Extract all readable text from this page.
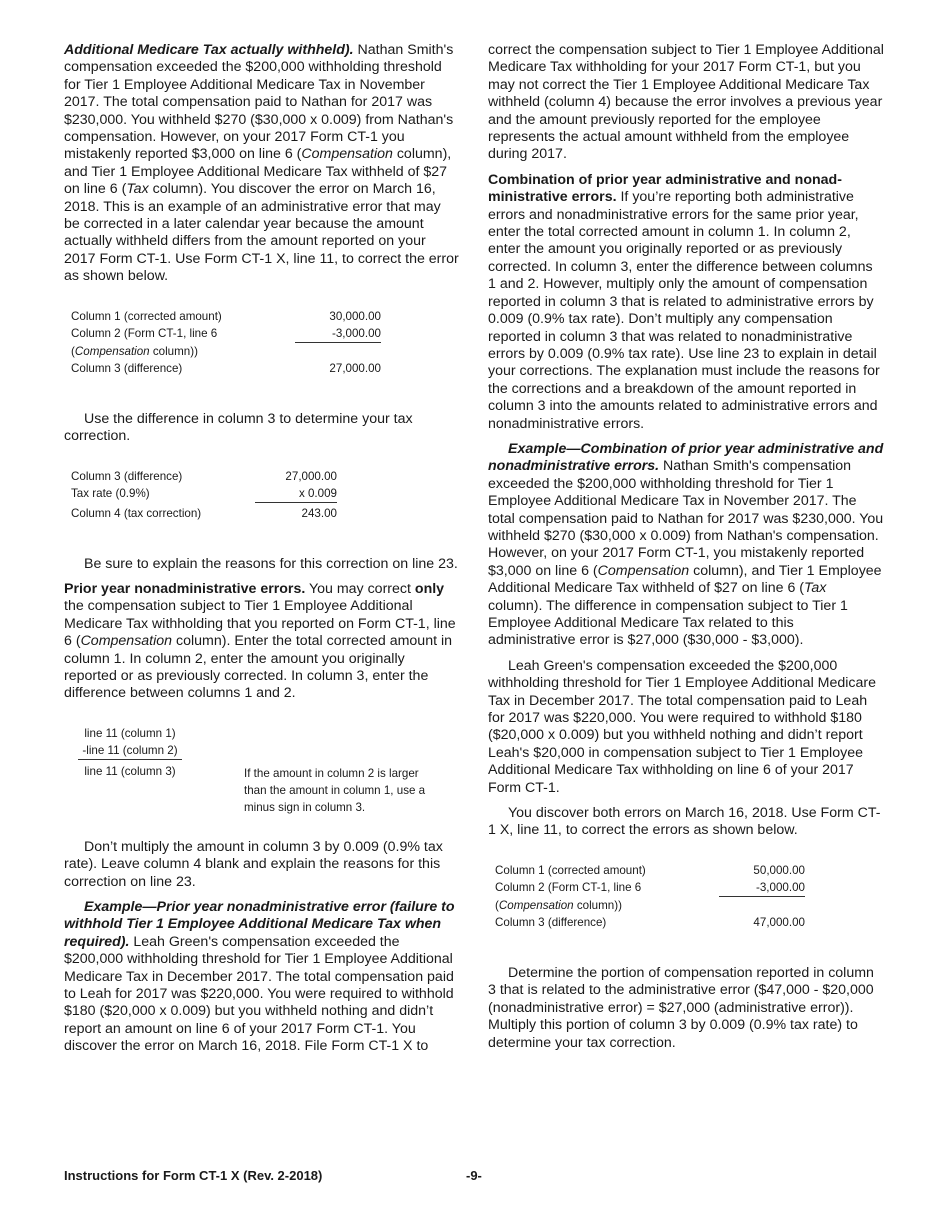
Additional Medicare Tax actually withheld). Nathan Smith's compensation exceeded the $200,000 withholding threshold for Tier 1 Employee Additional Medicare Tax in November 2017. The total compensation paid to Nathan for 2017 was $230,000. You withheld $270 ($30,000 x 0.009) from Nathan's compensation. However, on your 2017 Form CT-1 you mistakenly reported $3,000 on line 6 (Compensation column), and Tier 1 Employee Additional Medicare Tax withheld of $27 on line 6 (Tax column). You discover the error on March 16, 2018. This is an example of an administrative error that may be corrected in a later calendar year because the amount actually withheld differs from the amount reported on your 2017 Form CT-1. Use Form CT-1 X, line 11, to correct the error as shown below.

Column 1 (corrected amount)	30,000.00
Column 2 (Form CT-1, line 6	-3,000.00
(Compensation column))
Column 3 (difference)	27,000.00

Use the difference in column 3 to determine your tax correction.

Column 3 (difference)	27,000.00
Tax rate (0.9%)	x 0.009
Column 4 (tax correction)	243.00

Be sure to explain the reasons for this correction on line 23.

Prior year nonadministrative errors. You may correct only the compensation subject to Tier 1 Employee Additional Medicare Tax withholding that you reported on Form CT-1, line 6 (Compensation column). Enter the total corrected amount in column 1. In column 2, enter the amount you originally reported or as previously corrected. In column 3, enter the difference between columns 1 and 2.

line 11 (column 1)
-line 11 (column 2)
line 11 (column 3)	If the amount in column 2 is larger than the amount in column 1, use a minus sign in column 3.

Don’t multiply the amount in column 3 by 0.009 (0.9% tax rate). Leave column 4 blank and explain the reasons for this correction on line 23.

Example—Prior year nonadministrative error (failure to withhold Tier 1 Employee Additional Medicare Tax when required). Leah Green's compensation exceeded the $200,000 withholding threshold for Tier 1 Employee Additional Medicare Tax in December 2017. The total compensation paid to Leah for 2017 was $220,000. You were required to withhold $180 ($20,000 x 0.009) but you withheld nothing and didn’t report an amount on line 6 of your 2017 Form CT-1. You discover the error on March 16, 2018. File Form CT-1 X to

correct the compensation subject to Tier 1 Employee Additional Medicare Tax withholding for your 2017 Form CT-1, but you may not correct the Tier 1 Employee Additional Medicare Tax withheld (column 4) because the error involves a previous year and the amount previously reported for the employee represents the actual amount withheld from the employee during 2017.

Combination of prior year administrative and nonad-ministrative errors. If you’re reporting both administrative errors and nonadministrative errors for the same prior year, enter the total corrected amount in column 1. In column 2, enter the amount you originally reported or as previously corrected. In column 3, enter the difference between columns 1 and 2. However, multiply only the amount of compensation reported in column 3 that is related to administrative errors by 0.009 (0.9% tax rate). Don’t multiply any compensation reported in column 3 that was related to nonadministrative errors by 0.009 (0.9% tax rate). Use line 23 to explain in detail your corrections. The explanation must include the reasons for the corrections and a breakdown of the amount reported in column 3 into the amounts related to administrative errors and nonadministrative errors.

Example—Combination of prior year administrative and nonadministrative errors. Nathan Smith's compensation exceeded the $200,000 withholding threshold for Tier 1 Employee Additional Medicare Tax in November 2017. The total compensation paid to Nathan for 2017 was $230,000. You withheld $270 ($30,000 x 0.009) from Nathan's compensation. However, on your 2017 Form CT-1, you mistakenly reported $3,000 on line 6 (Compensation column), and Tier 1 Employee Additional Medicare Tax withheld of $27 on line 6 (Tax column). The difference in compensation subject to Tier 1 Employee Additional Medicare Tax related to this administrative error is $27,000 ($30,000 - $3,000).

Leah Green's compensation exceeded the $200,000 withholding threshold for Tier 1 Employee Additional Medicare Tax in December 2017. The total compensation paid to Leah for 2017 was $220,000. You were required to withhold $180 ($20,000 x 0.009) but you withheld nothing and didn’t report Leah's $20,000 in compensation subject to Tier 1 Employee Additional Medicare Tax withholding on line 6 of your 2017 Form CT-1.

You discover both errors on March 16, 2018. Use Form CT-1 X, line 11, to correct the errors as shown below.

Column 1 (corrected amount)	50,000.00
Column 2 (Form CT-1, line 6	-3,000.00
(Compensation column))
Column 3 (difference)	47,000.00

Determine the portion of compensation reported in column 3 that is related to the administrative error ($47,000 - $20,000 (nonadministrative error) = $27,000 (administrative error)). Multiply this portion of column 3 by 0.009 (0.9% tax rate) to determine your tax correction.

Instructions for Form CT-1 X (Rev. 2-2018)	-9-
